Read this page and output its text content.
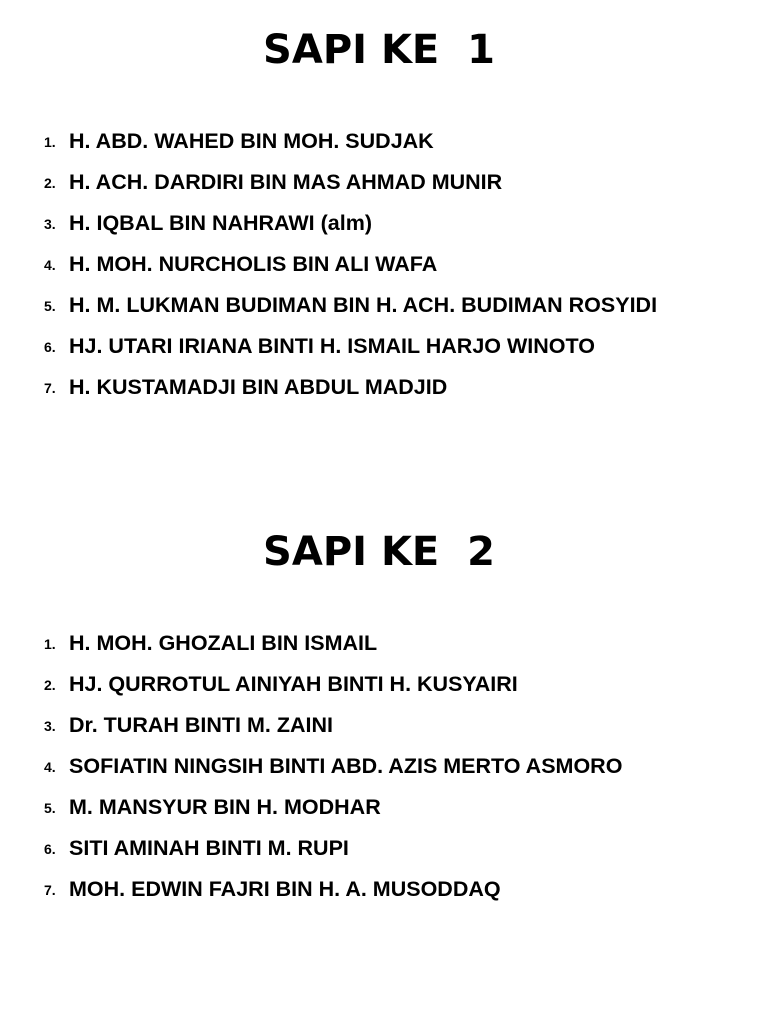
SAPI KE  1
1. H. ABD. WAHED BIN MOH. SUDJAK
2. H. ACH. DARDIRI BIN MAS AHMAD MUNIR
3. H. IQBAL BIN NAHRAWI (alm)
4. H. MOH. NURCHOLIS BIN ALI WAFA
5. H. M. LUKMAN BUDIMAN BIN H. ACH. BUDIMAN ROSYIDI
6. HJ. UTARI IRIANA BINTI H. ISMAIL HARJO WINOTO
7. H. KUSTAMADJI BIN ABDUL MADJID
SAPI KE  2
1. H. MOH. GHOZALI BIN ISMAIL
2. HJ. QURROTUL AINIYAH BINTI H. KUSYAIRI
3. Dr. TURAH BINTI M. ZAINI
4. SOFIATIN NINGSIH BINTI ABD. AZIS MERTO ASMORO
5. M. MANSYUR BIN H. MODHAR
6. SITI AMINAH BINTI M. RUPI
7. MOH. EDWIN FAJRI BIN H. A. MUSODDAQ
